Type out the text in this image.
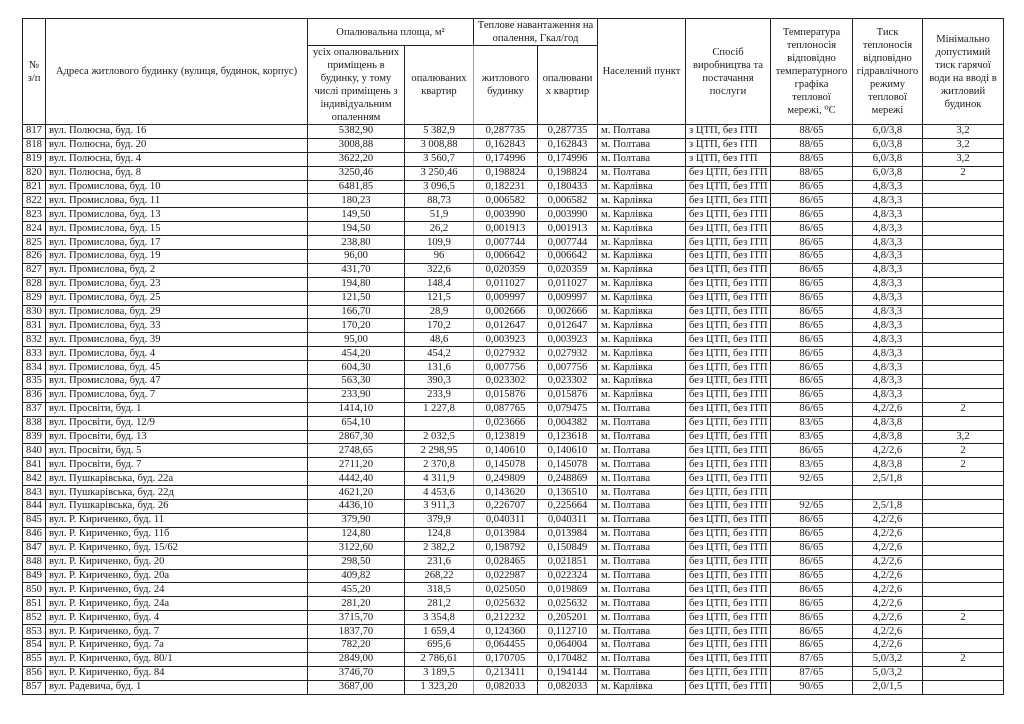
№ з/п	Адреса житлового будинку (вулиця, будинок, корпус)	Опалювальна площа, м²		Теплове навантаження на опалення, Гкал/год		Населений пункт	Спосіб виробництва та постачання послуги	Температура теплоносія відповідно температурного графіка теплової мережі, ⁰С	Тиск теплоносія відповідно гідравлічного режиму теплової мережі	Мінімально допустимий тиск гарячої води на вводі в житловий будинок
		усіх опалювальних приміщень в будинку, у тому числі приміщень з індивідуальним опаленням	опалюваних квартир	житлового будинку	опалювани х квартир					
817	вул. Полюсна, буд. 16	5382,90	5 382,9	0,287735	0,287735	м. Полтава	з ЦТП, без ІТП	88/65	6,0/3,8	3,2
818	вул. Полюсна, буд. 20	3008,88	3 008,88	0,162843	0,162843	м. Полтава	з ЦТП, без ІТП	88/65	6,0/3,8	3,2
819	вул. Полюсна, буд. 4	3622,20	3 560,7	0,174996	0,174996	м. Полтава	з ЦТП, без ІТП	88/65	6,0/3,8	3,2
820	вул. Полюсна, буд. 8	3250,46	3 250,46	0,198824	0,198824	м. Полтава	без ЦТП, без ІТП	88/65	6,0/3,8	2
821	вул. Промислова, буд. 10	6481,85	3 096,5	0,182231	0,180433	м. Карлівка	без ЦТП, без ІТП	86/65	4,8/3,3	
822	вул. Промислова, буд. 11	180,23	88,73	0,006582	0,006582	м. Карлівка	без ЦТП, без ІТП	86/65	4,8/3,3	
823	вул. Промислова, буд. 13	149,50	51,9	0,003990	0,003990	м. Карлівка	без ЦТП, без ІТП	86/65	4,8/3,3	
824	вул. Промислова, буд. 15	194,50	26,2	0,001913	0,001913	м. Карлівка	без ЦТП, без ІТП	86/65	4,8/3,3	
825	вул. Промислова, буд. 17	238,80	109,9	0,007744	0,007744	м. Карлівка	без ЦТП, без ІТП	86/65	4,8/3,3	
826	вул. Промислова, буд. 19	96,00	96	0,006642	0,006642	м. Карлівка	без ЦТП, без ІТП	86/65	4,8/3,3	
827	вул. Промислова, буд. 2	431,70	322,6	0,020359	0,020359	м. Карлівка	без ЦТП, без ІТП	86/65	4,8/3,3	
828	вул. Промислова, буд. 23	194,80	148,4	0,011027	0,011027	м. Карлівка	без ЦТП, без ІТП	86/65	4,8/3,3	
829	вул. Промислова, буд. 25	121,50	121,5	0,009997	0,009997	м. Карлівка	без ЦТП, без ІТП	86/65	4,8/3,3	
830	вул. Промислова, буд. 29	166,70	28,9	0,002666	0,002666	м. Карлівка	без ЦТП, без ІТП	86/65	4,8/3,3	
831	вул. Промислова, буд. 33	170,20	170,2	0,012647	0,012647	м. Карлівка	без ЦТП, без ІТП	86/65	4,8/3,3	
832	вул. Промислова, буд. 39	95,00	48,6	0,003923	0,003923	м. Карлівка	без ЦТП, без ІТП	86/65	4,8/3,3	
833	вул. Промислова, буд. 4	454,20	454,2	0,027932	0,027932	м. Карлівка	без ЦТП, без ІТП	86/65	4,8/3,3	
834	вул. Промислова, буд. 45	604,30	131,6	0,007756	0,007756	м. Карлівка	без ЦТП, без ІТП	86/65	4,8/3,3	
835	вул. Промислова, буд. 47	563,30	390,3	0,023302	0,023302	м. Карлівка	без ЦТП, без ІТП	86/65	4,8/3,3	
836	вул. Промислова, буд. 7	233,90	233,9	0,015876	0,015876	м. Карлівка	без ЦТП, без ІТП	86/65	4,8/3,3	
837	вул. Просвіти, буд. 1	1414,10	1 227,8	0,087765	0,079475	м. Полтава	без ЦТП, без ІТП	86/65	4,2/2,6	2
838	вул. Просвіти, буд. 12/9	654,10		0,023666	0,004382	м. Полтава	без ЦТП, без ІТП	83/65	4,8/3,8	
839	вул. Просвіти, буд. 13	2867,30	2 032,5	0,123819	0,123618	м. Полтава	без ЦТП, без ІТП	83/65	4,8/3,8	3,2
840	вул. Просвіти, буд. 5	2748,65	2 298,95	0,140610	0,140610	м. Полтава	без ЦТП, без ІТП	86/65	4,2/2,6	2
841	вул. Просвіти, буд. 7	2711,20	2 370,8	0,145078	0,145078	м. Полтава	без ЦТП, без ІТП	83/65	4,8/3,8	2
842	вул. Пушкарівська, буд. 22а	4442,40	4 311,9	0,249809	0,248869	м. Полтава	без ЦТП, без ІТП	92/65	2,5/1,8	
843	вул. Пушкарівська, буд. 22д	4621,20	4 453,6	0,143620	0,136510	м. Полтава	без ЦТП, без ІТП			
844	вул. Пушкарівська, буд. 26	4436,10	3 911,3	0,226707	0,225664	м. Полтава	без ЦТП, без ІТП	92/65	2,5/1,8	
845	вул. Р. Кириченко, буд. 11	379,90	379,9	0,040311	0,040311	м. Полтава	без ЦТП, без ІТП	86/65	4,2/2,6	
846	вул. Р. Кириченко, буд. 11б	124,80	124,8	0,013984	0,013984	м. Полтава	без ЦТП, без ІТП	86/65	4,2/2,6	
847	вул. Р. Кириченко, буд. 15/62	3122,60	2 382,2	0,198792	0,150849	м. Полтава	без ЦТП, без ІТП	86/65	4,2/2,6	
848	вул. Р. Кириченко, буд. 20	298,50	231,6	0,028465	0,021851	м. Полтава	без ЦТП, без ІТП	86/65	4,2/2,6	
849	вул. Р. Кириченко, буд. 20а	409,82	268,22	0,022987	0,022324	м. Полтава	без ЦТП, без ІТП	86/65	4,2/2,6	
850	вул. Р. Кириченко, буд. 24	455,20	318,5	0,025050	0,019869	м. Полтава	без ЦТП, без ІТП	86/65	4,2/2,6	
851	вул. Р. Кириченко, буд. 24а	281,20	281,2	0,025632	0,025632	м. Полтава	без ЦТП, без ІТП	86/65	4,2/2,6	
852	вул. Р. Кириченко, буд. 4	3715,70	3 354,8	0,212232	0,205201	м. Полтава	без ЦТП, без ІТП	86/65	4,2/2,6	2
853	вул. Р. Кириченко, буд. 7	1837,70	1 659,4	0,124360	0,112710	м. Полтава	без ЦТП, без ІТП	86/65	4,2/2,6	
854	вул. Р. Кириченко, буд. 7а	782,20	695,6	0,064455	0,064004	м. Полтава	без ЦТП, без ІТП	86/65	4,2/2,6	
855	вул. Р. Кириченко, буд. 80/1	2849,00	2 786,61	0,170705	0,170482	м. Полтава	без ЦТП, без ІТП	87/65	5,0/3,2	2
856	вул. Р. Кириченко, буд. 84	3746,70	3 189,5	0,213411	0,194144	м. Полтава	без ЦТП, без ІТП	87/65	5,0/3,2	
857	вул. Радевича, буд. 1	3687,00	1 323,20	0,082033	0,082033	м. Карлівка	без ЦТП, без ІТП	90/65	2,0/1,5	
